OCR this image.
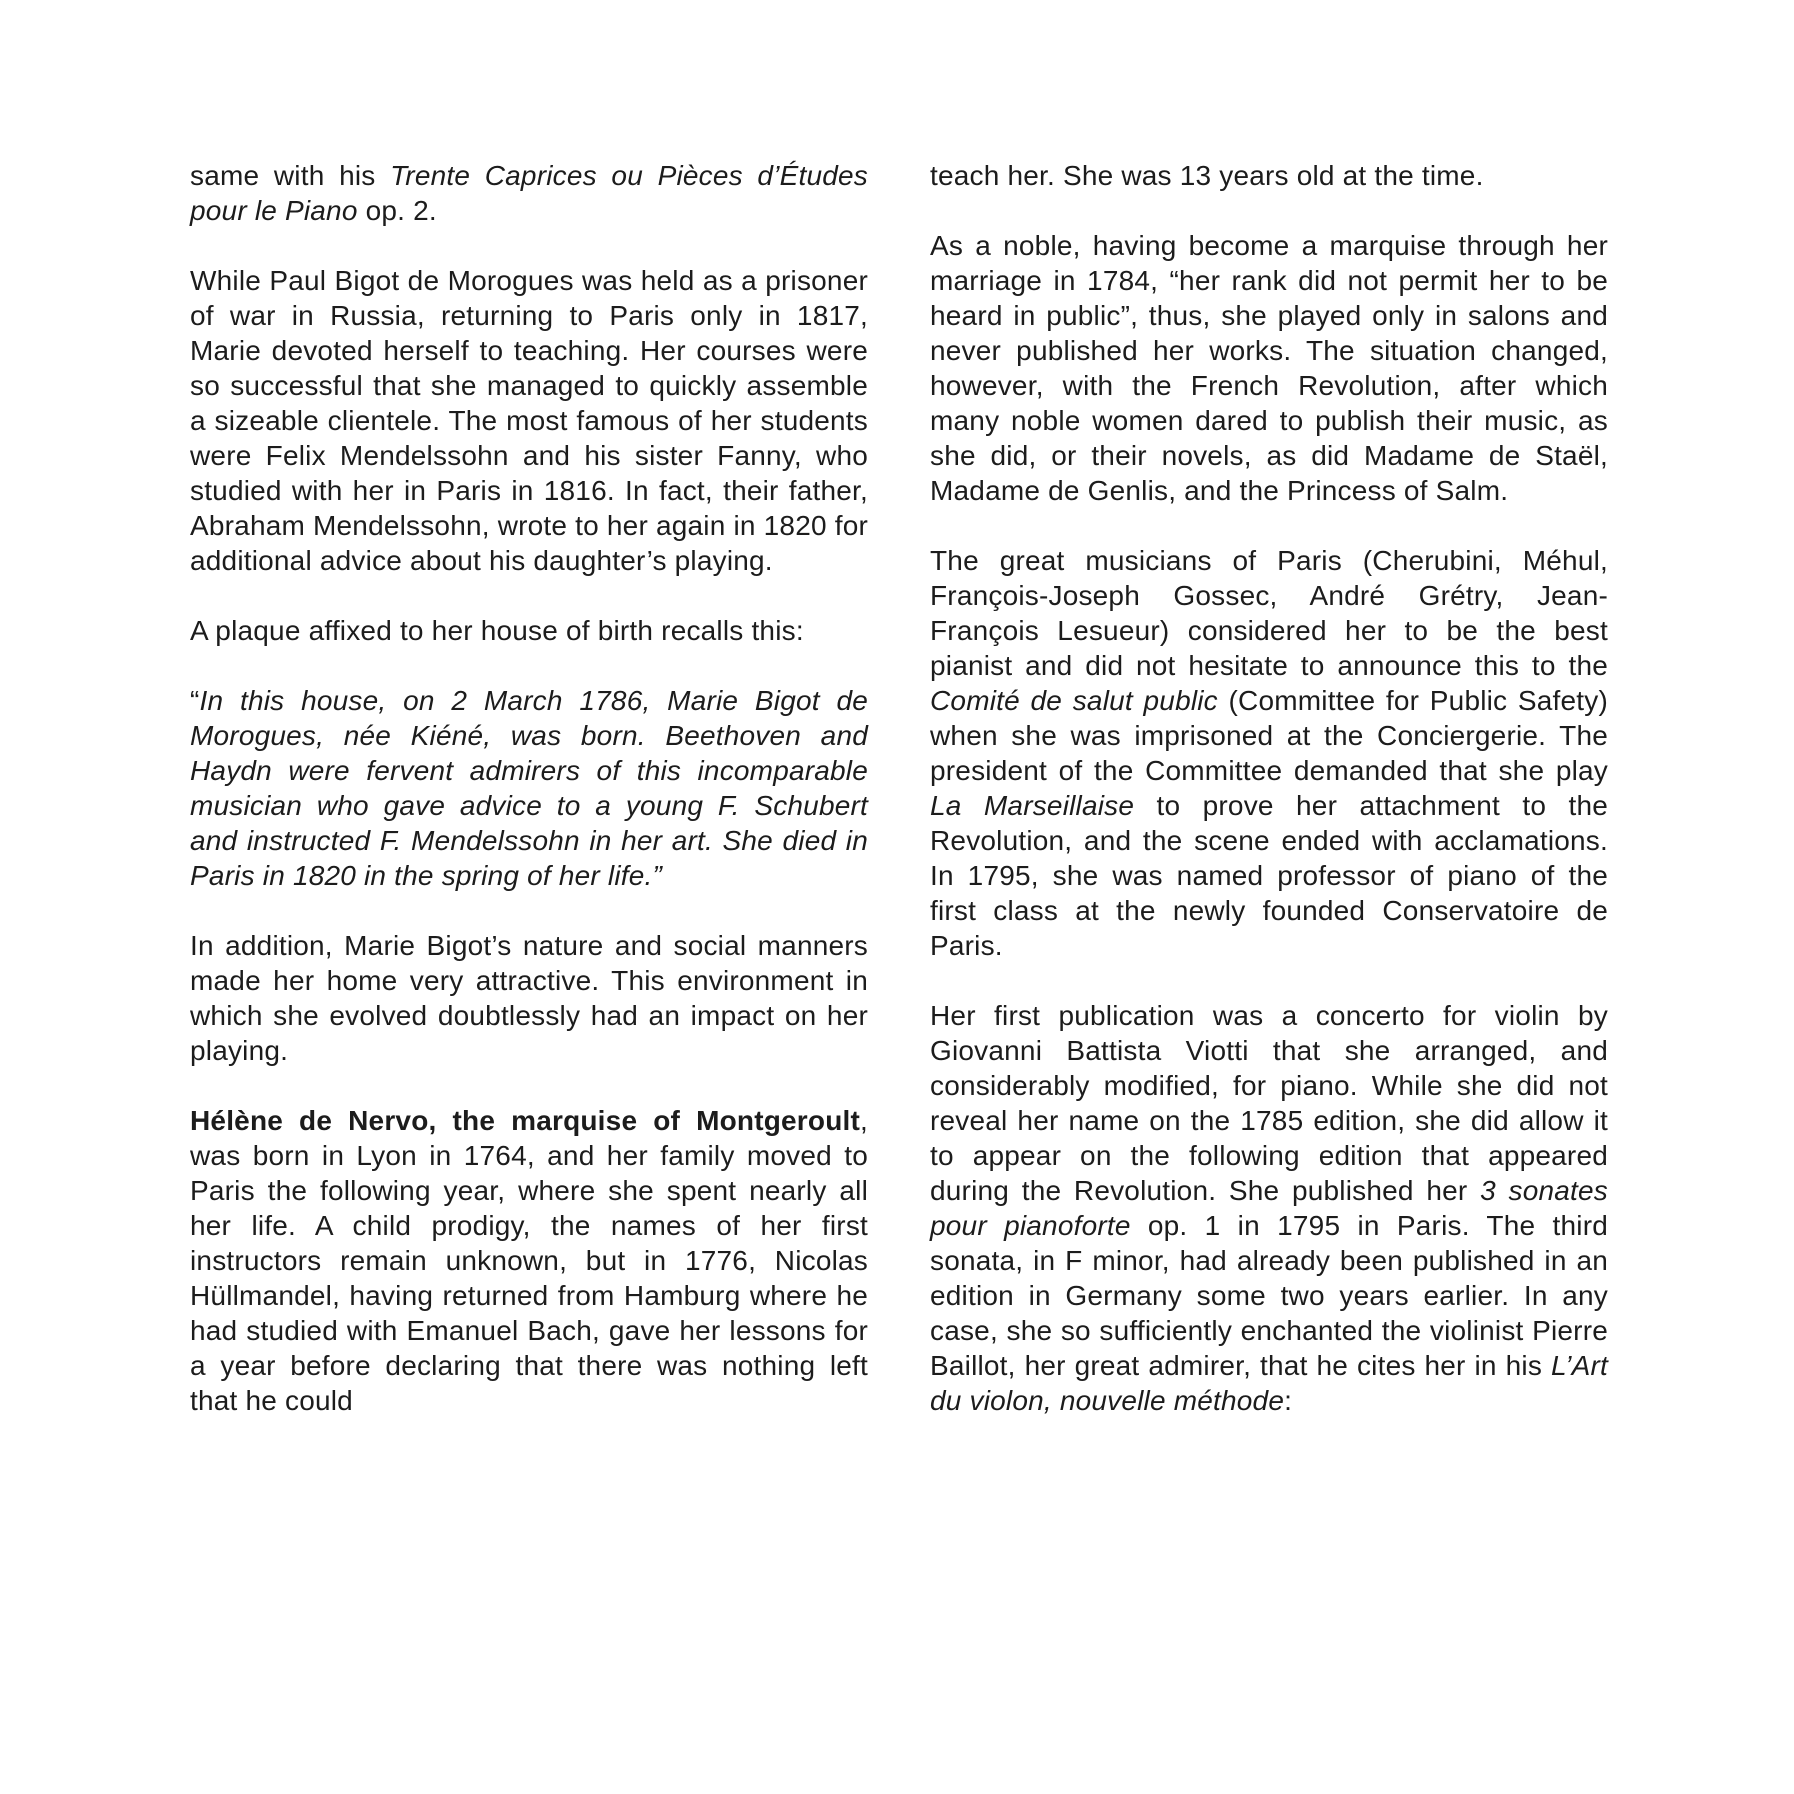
same with his Trente Caprices ou Pièces d’Études pour le Piano op. 2.

While Paul Bigot de Morogues was held as a prisoner of war in Russia, returning to Paris only in 1817, Marie devoted herself to teaching. Her courses were so successful that she managed to quickly assemble a sizeable clientele. The most famous of her students were Felix Mendelssohn and his sister Fanny, who studied with her in Paris in 1816. In fact, their father, Abraham Mendelssohn, wrote to her again in 1820 for additional advice about his daughter’s playing.

A plaque affixed to her house of birth recalls this:

“In this house, on 2 March 1786, Marie Bigot de Morogues, née Kiéné, was born. Beethoven and Haydn were fervent admirers of this incomparable musician who gave advice to a young F. Schubert and instructed F. Mendelssohn in her art. She died in Paris in 1820 in the spring of her life.”

In addition, Marie Bigot’s nature and social manners made her home very attractive. This environment in which she evolved doubtlessly had an impact on her playing.

Hélène de Nervo, the marquise of Montgeroult, was born in Lyon in 1764, and her family moved to Paris the following year, where she spent nearly all her life. A child prodigy, the names of her first instructors remain unknown, but in 1776, Nicolas Hüllmandel, having returned from Hamburg where he had studied with Emanuel Bach, gave her lessons for a year before declaring that there was nothing left that he could

teach her. She was 13 years old at the time.

As a noble, having become a marquise through her marriage in 1784, “her rank did not permit her to be heard in public”, thus, she played only in salons and never published her works. The situation changed, however, with the French Revolution, after which many noble women dared to publish their music, as she did, or their novels, as did Madame de Staël, Madame de Genlis, and the Princess of Salm.

The great musicians of Paris (Cherubini, Méhul, François-Joseph Gossec, André Grétry, Jean-François Lesueur) considered her to be the best pianist and did not hesitate to announce this to the Comité de salut public (Committee for Public Safety) when she was imprisoned at the Conciergerie. The president of the Committee demanded that she play La Marseillaise to prove her attachment to the Revolution, and the scene ended with acclamations. In 1795, she was named professor of piano of the first class at the newly founded Conservatoire de Paris.

Her first publication was a concerto for violin by Giovanni Battista Viotti that she arranged, and considerably modified, for piano. While she did not reveal her name on the 1785 edition, she did allow it to appear on the following edition that appeared during the Revolution. She published her 3 sonates pour pianoforte op. 1 in 1795 in Paris. The third sonata, in F minor, had already been published in an edition in Germany some two years earlier. In any case, she so sufficiently enchanted the violinist Pierre Baillot, her great admirer, that he cites her in his L’Art du violon, nouvelle méthode:
